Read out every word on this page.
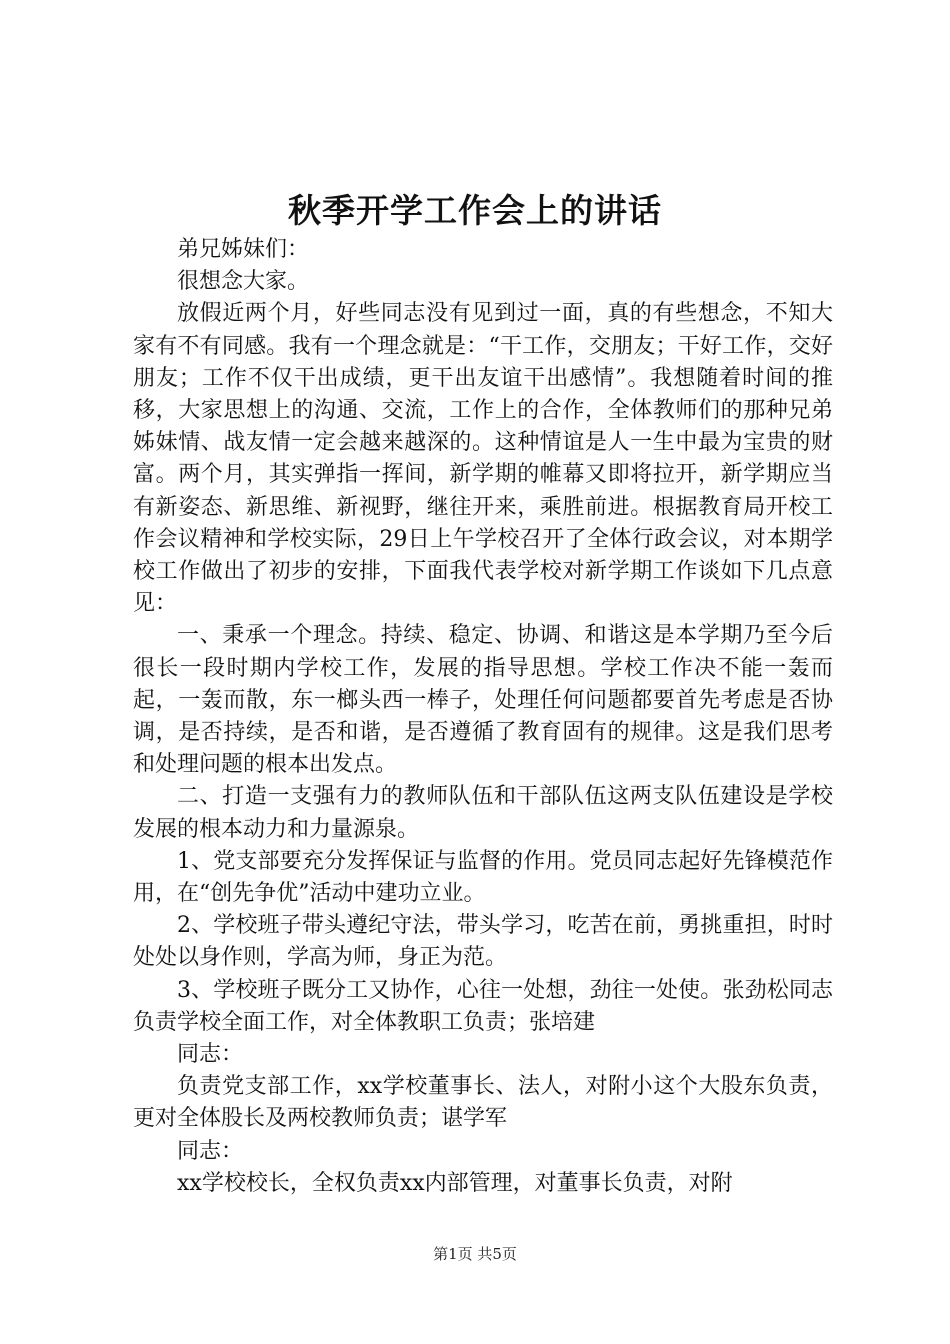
秋季开学工作会上的讲话

弟兄姊妹们：

很想念大家。

放假近两个月，好些同志没有见到过一面，真的有些想念，不知大家有不有同感。我有一个理念就是：“干工作，交朋友；干好工作，交好朋友；工作不仅干出成绩，更干出友谊干出感情”。我想随着时间的推移，大家思想上的沟通、交流，工作上的合作，全体教师们的那种兄弟姊妹情、战友情一定会越来越深的。这种情谊是人一生中最为宝贵的财富。两个月，其实弹指一挥间，新学期的帷幕又即将拉开，新学期应当有新姿态、新思维、新视野，继往开来，乘胜前进。根据教育局开校工作会议精神和学校实际，29日上午学校召开了全体行政会议，对本期学校工作做出了初步的安排，下面我代表学校对新学期工作谈如下几点意见：

一、秉承一个理念。持续、稳定、协调、和谐这是本学期乃至今后很长一段时期内学校工作，发展的指导思想。学校工作决不能一轰而起，一轰而散，东一榔头西一棒子，处理任何问题都要首先考虑是否协调，是否持续，是否和谐，是否遵循了教育固有的规律。这是我们思考和处理问题的根本出发点。

二、打造一支强有力的教师队伍和干部队伍这两支队伍建设是学校发展的根本动力和力量源泉。

1、党支部要充分发挥保证与监督的作用。党员同志起好先锋模范作用，在“创先争优”活动中建功立业。

2、学校班子带头遵纪守法，带头学习，吃苦在前，勇挑重担，时时处处以身作则，学高为师，身正为范。

3、学校班子既分工又协作，心往一处想，劲往一处使。张劲松同志负责学校全面工作，对全体教职工负责；张培建

同志：

负责党支部工作，xx学校董事长、法人，对附小这个大股东负责，更对全体股长及两校教师负责；谌学军

同志：

xx学校校长，全权负责xx内部管理，对董事长负责，对附

第1页 共5页
